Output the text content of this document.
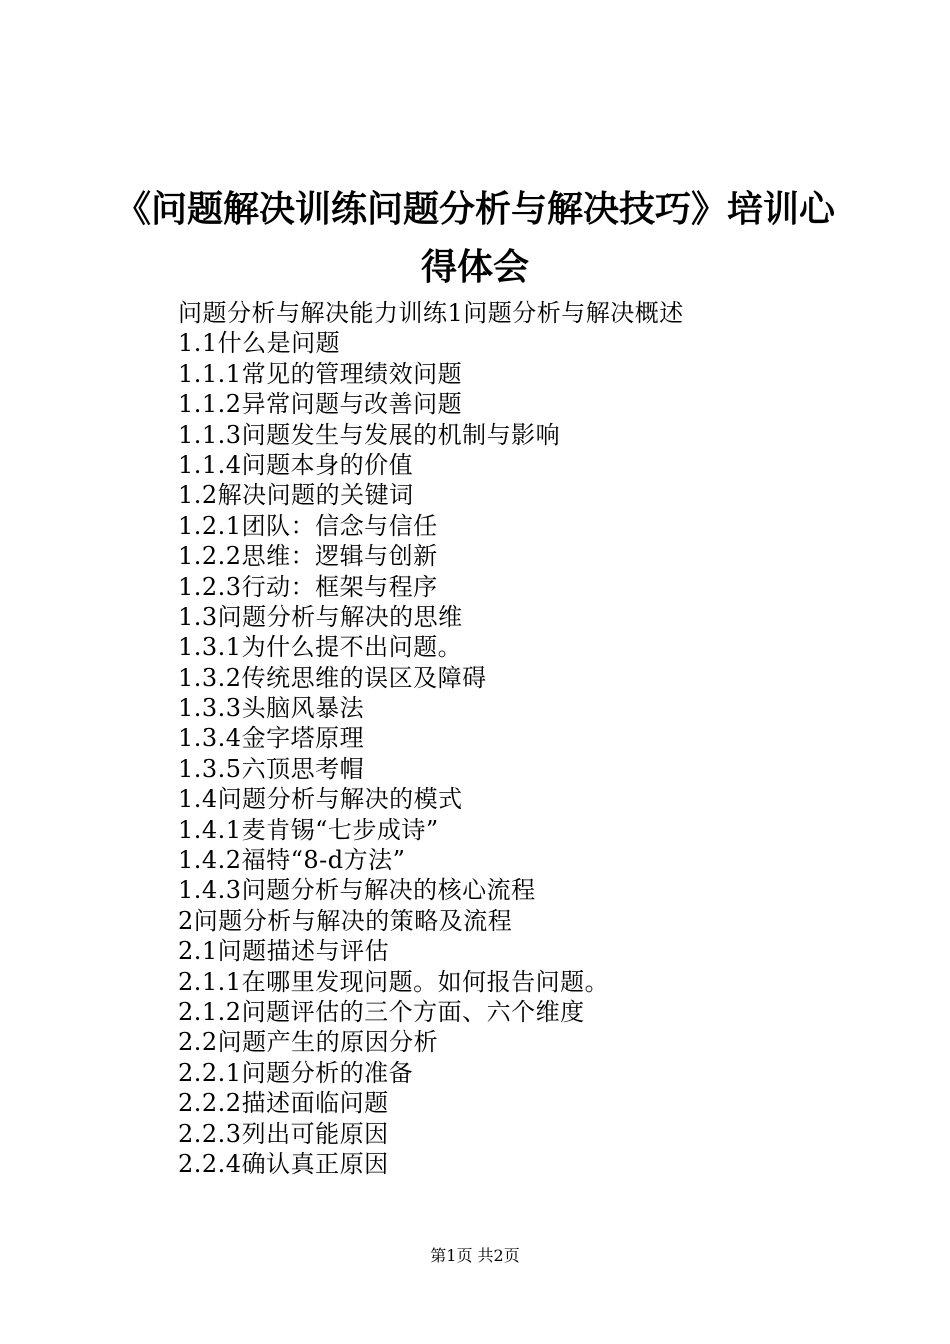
《问题解决训练问题分析与解决技巧》培训心
得体会
问题分析与解决能力训练1问题分析与解决概述
1.1什么是问题
1.1.1常见的管理绩效问题
1.1.2异常问题与改善问题
1.1.3问题发生与发展的机制与影响
1.1.4问题本身的价值
1.2解决问题的关键词
1.2.1团队：信念与信任
1.2.2思维：逻辑与创新
1.2.3行动：框架与程序
1.3问题分析与解决的思维
1.3.1为什么提不出问题。
1.3.2传统思维的误区及障碍
1.3.3头脑风暴法
1.3.4金字塔原理
1.3.5六顶思考帽
1.4问题分析与解决的模式
1.4.1麦肯锡“七步成诗”
1.4.2福特“8-d方法”
1.4.3问题分析与解决的核心流程
2问题分析与解决的策略及流程
2.1问题描述与评估
2.1.1在哪里发现问题。如何报告问题。
2.1.2问题评估的三个方面、六个维度
2.2问题产生的原因分析
2.2.1问题分析的准备
2.2.2描述面临问题
2.2.3列出可能原因
2.2.4确认真正原因
第1页 共2页
